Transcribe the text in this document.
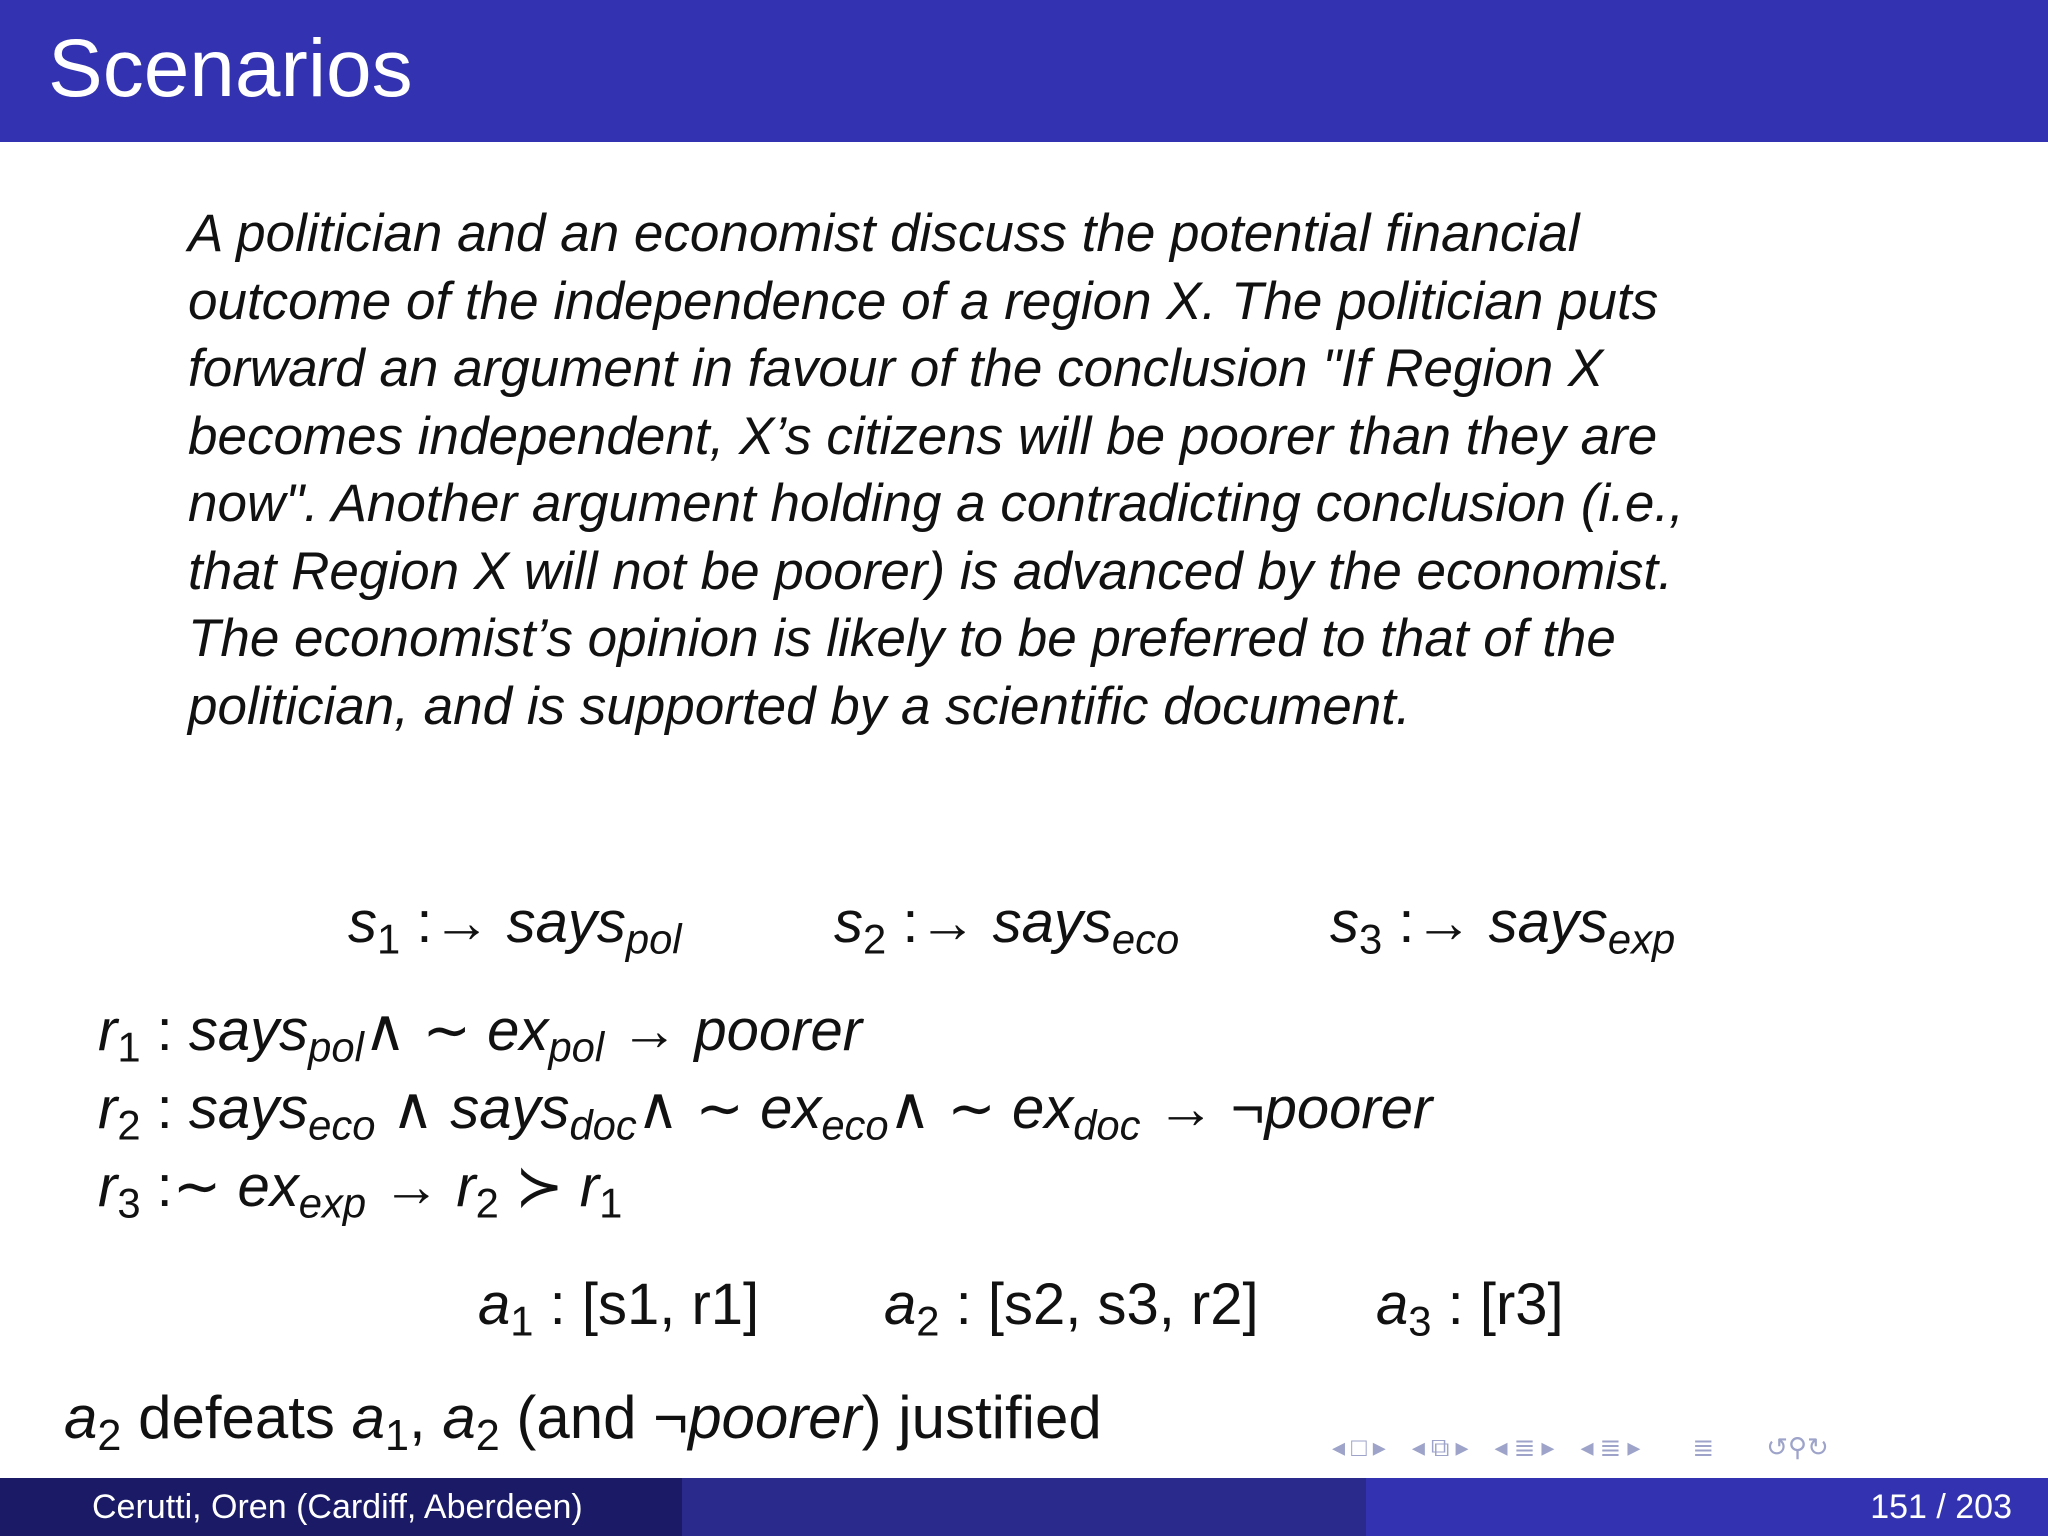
Scenarios
A politician and an economist discuss the potential financial
outcome of the independence of a region X. The politician puts
forward an argument in favour of the conclusion "If Region X
becomes independent, X’s citizens will be poorer than they are
now". Another argument holding a contradicting conclusion (i.e.,
that Region X will not be poorer) is advanced by the economist.
The economist’s opinion is likely to be preferred to that of the
politician, and is supported by a scientific document.
$s_1$ :→ says$_{pol}$	$s_2$ :→ says$_{eco}$	$s_3$ :→ says$_{exp}$
$r_1$ : says$_{pol}$∧ ∼ $ex_{pol}$ → poorer
$r_2$ : says$_{eco}$ ∧ says$_{doc}$∧ ∼ $ex_{eco}\wedge$ ∼ $ex_{doc}$ → ¬poorer
$r_3$ :∼ $ex_{exp} \to r_2$ ≻ $r_1$
$a_1$ : [s1, r1] $a_2$ : [s2, s3, r2] $a_3$ : [r3]
$a_2$ defeats $a_1$, $a_2$ (and ¬poorer) justified	◂ □ ▸ ◂ ⧉ ▸ ◂ ≣ ▸ ◂ ≣ ▸ ≣ ↺⚲↻
Cerutti, Oren (Cardiff, Aberdeen)	151 / 203
